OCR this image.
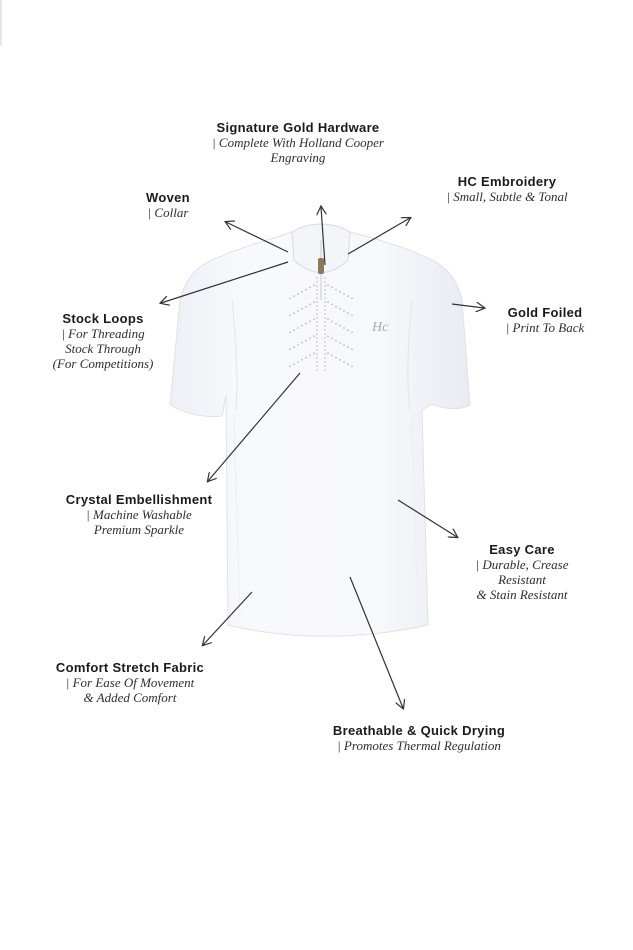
Hc
Signature Gold Hardware
| Complete With Holland Cooper
Engraving
HC Embroidery
| Small, Subtle & Tonal
Woven
| Collar
Gold Foiled
| Print To Back
Stock Loops
| For Threading
Stock Through
(For Competitions)
Crystal Embellishment
| Machine Washable
Premium Sparkle
Easy Care
| Durable, Crease
Resistant
& Stain Resistant
Comfort Stretch Fabric
| For Ease Of Movement
& Added Comfort
Breathable & Quick Drying
| Promotes Thermal Regulation
